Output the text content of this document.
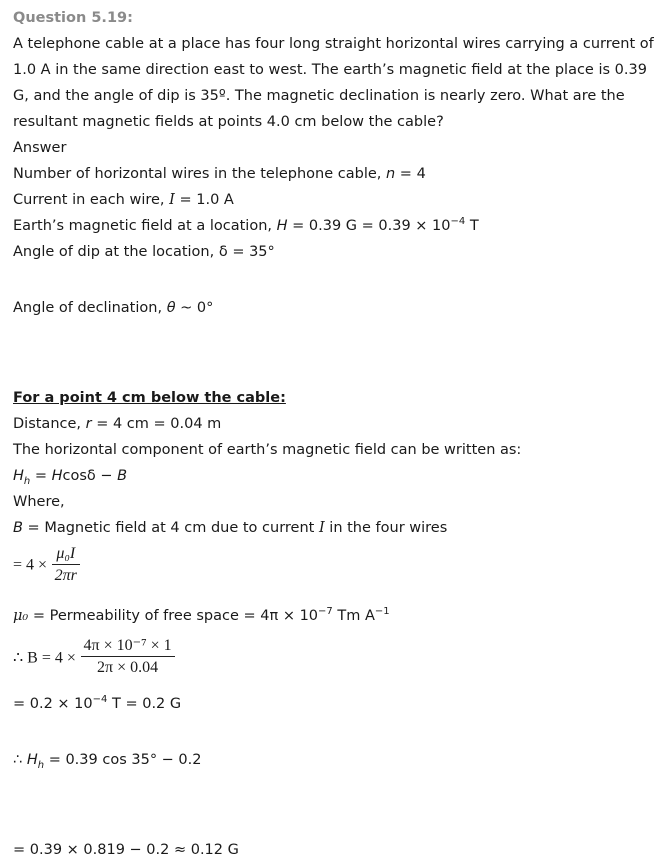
Question 5.19:
A telephone cable at a place has four long straight horizontal wires carrying a current of
1.0 A in the same direction east to west. The earth’s magnetic field at the place is 0.39
G, and the angle of dip is 35º. The magnetic declination is nearly zero. What are the
resultant magnetic fields at points 4.0 cm below the cable?
Answer
Number of horizontal wires in the telephone cable, n = 4
Current in each wire, I = 1.0 A
Earth’s magnetic field at a location, H = 0.39 $G = 0.39 \times 10^{-4}$ T
Angle of dip at the location, δ = 35°
Angle of declination, θ ~ 0°
For a point 4 cm below the cable:
Distance, r = 4 cm = 0.04 m
The horizontal component of earth’s magnetic field can be written as:
$H_h = Hcos\delta - B$
Where,
B = Magnetic field at 4 cm due to current I in the four wires
= $4 \times \frac{\text{μ₀I}}{2\pi r}$
μ₀ = Permeability of free space = $4\pi \times 10^{-7}$ Tm $A^{-1}$
∴ $B = 4 \times \frac{\text{4π × 10⁻⁷ × 1}}{2\pi \times 0.04}$
= $0.2 \times 10^{-4}$ T = 0.2 G
∴ $H_h = 0.39$ cos 35° − 0.2
= 0.39 × 0.819 − 0.2 ≈ 0.12 G
